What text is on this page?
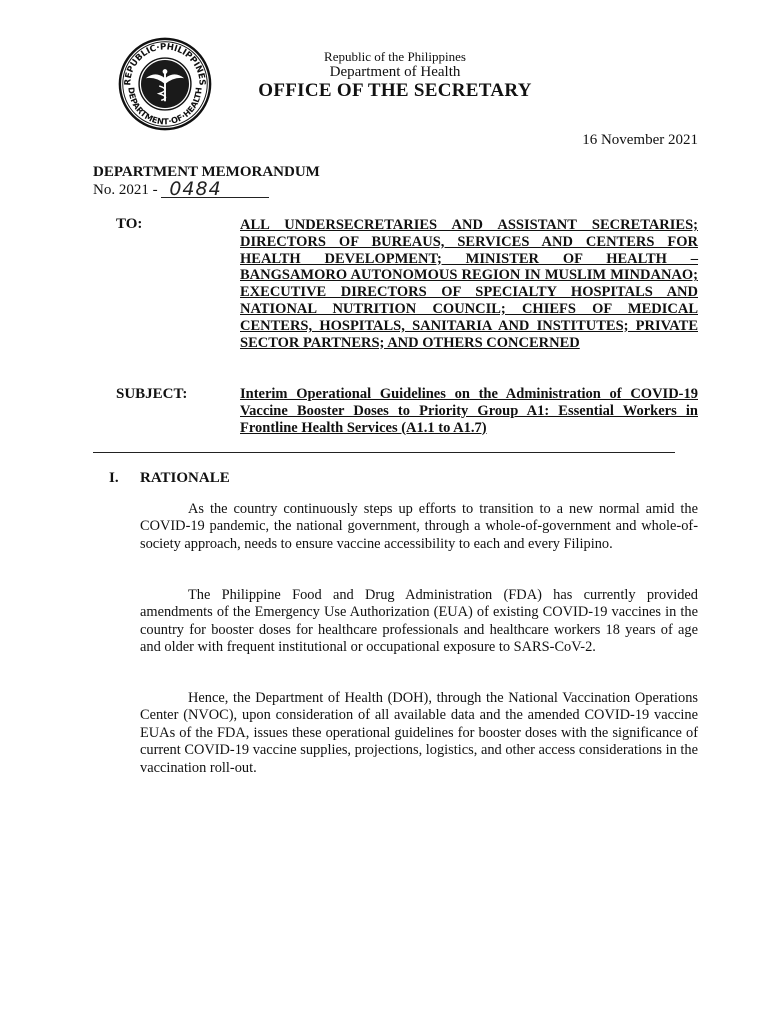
REPUBLIC·PHILIPPINES
DEPARTMENT·OF·HEALTH
Republic of the Philippines
Department of Health
OFFICE OF THE SECRETARY
16 November 2021
DEPARTMENT MEMORANDUM
No. 2021 - 0484
TO:	ALL UNDERSECRETARIES AND ASSISTANT SECRETARIES; DIRECTORS OF BUREAUS, SERVICES AND CENTERS FOR HEALTH DEVELOPMENT; MINISTER OF HEALTH – BANGSAMORO AUTONOMOUS REGION IN MUSLIM MINDANAO; EXECUTIVE DIRECTORS OF SPECIALTY HOSPITALS AND NATIONAL NUTRITION COUNCIL; CHIEFS OF MEDICAL CENTERS, HOSPITALS, SANITARIA AND INSTITUTES; PRIVATE SECTOR PARTNERS; AND OTHERS CONCERNED
SUBJECT:	Interim Operational Guidelines on the Administration of COVID-19 Vaccine Booster Doses to Priority Group A1: Essential Workers in Frontline Health Services (A1.1 to A1.7)
I. RATIONALE
As the country continuously steps up efforts to transition to a new normal amid the COVID-19 pandemic, the national government, through a whole-of-government and whole-of-society approach, needs to ensure vaccine accessibility to each and every Filipino.
The Philippine Food and Drug Administration (FDA) has currently provided amendments of the Emergency Use Authorization (EUA) of existing COVID-19 vaccines in the country for booster doses for healthcare professionals and healthcare workers 18 years of age and older with frequent institutional or occupational exposure to SARS-CoV-2.
Hence, the Department of Health (DOH), through the National Vaccination Operations Center (NVOC), upon consideration of all available data and the amended COVID-19 vaccine EUAs of the FDA, issues these operational guidelines for booster doses with the significance of current COVID-19 vaccine supplies, projections, logistics, and other access considerations in the vaccination roll-out.
